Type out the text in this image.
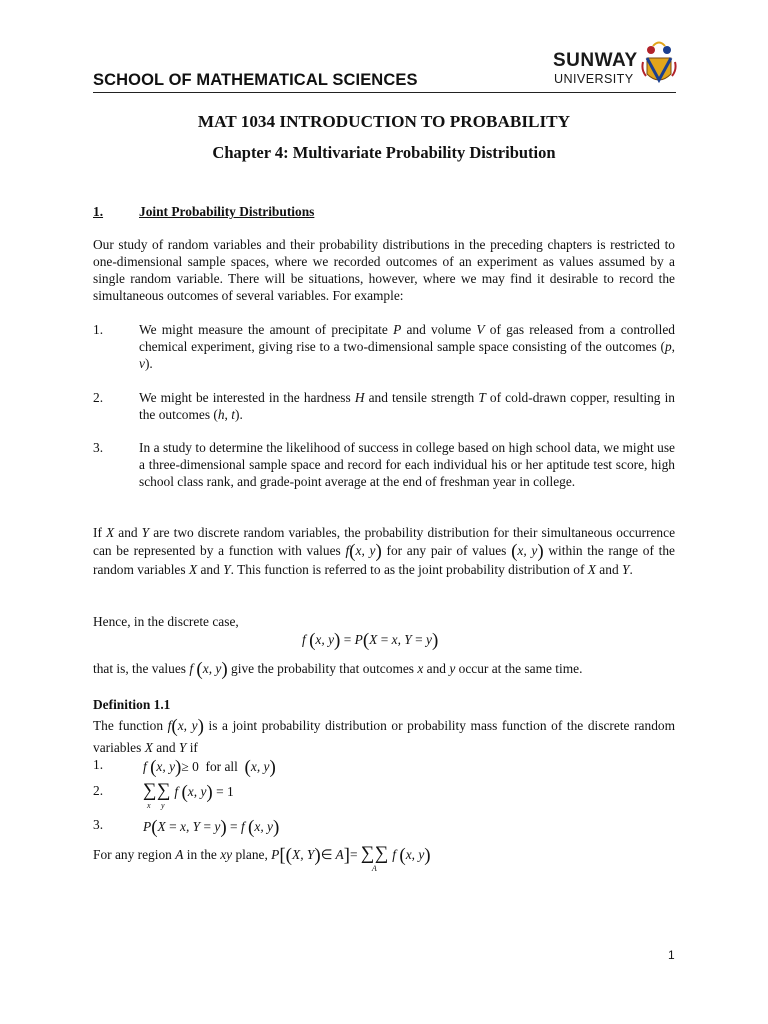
SCHOOL OF MATHEMATICAL SCIENCES
SUNWAY
UNIVERSITY
MAT 1034 INTRODUCTION TO PROBABILITY
Chapter 4: Multivariate Probability Distribution
1.	Joint Probability Distributions
Our study of random variables and their probability distributions in the preceding chapters is restricted to one-dimensional sample spaces, where we recorded outcomes of an experiment as values assumed by a single random variable. There will be situations, however, where we may find it desirable to record the simultaneous outcomes of several variables. For example:
1.	We might measure the amount of precipitate P and volume V of gas released from a controlled chemical experiment, giving rise to a two-dimensional sample space consisting of the outcomes (p, v).
2.	We might be interested in the hardness H and tensile strength T of cold-drawn copper, resulting in the outcomes (h, t).
3.	In a study to determine the likelihood of success in college based on high school data, we might use a three-dimensional sample space and record for each individual his or her aptitude test score, high school class rank, and grade-point average at the end of freshman year in college.
If X and Y are two discrete random variables, the probability distribution for their simultaneous occurrence can be represented by a function with values f(x, y) for any pair of values (x, y) within the range of the random variables X and Y. This function is referred to as the joint probability distribution of X and Y.
Hence, in the discrete case,
f (x, y) = P(X = x, Y = y)
that is, the values f (x, y) give the probability that outcomes x and y occur at the same time.
Definition 1.1
The function f(x, y) is a joint probability distribution or probability mass function of the discrete random variables X and Y if
1.	f (x, y)≥ 0 for all (x, y)
2. ∑
x
∑
y
f (x, y) = 1
3.	P(X = x, Y = y) = f (x, y)
For any region A in the xy plane, P[(X, Y)∈ A]= ∑∑
A
f (x, y)
1
